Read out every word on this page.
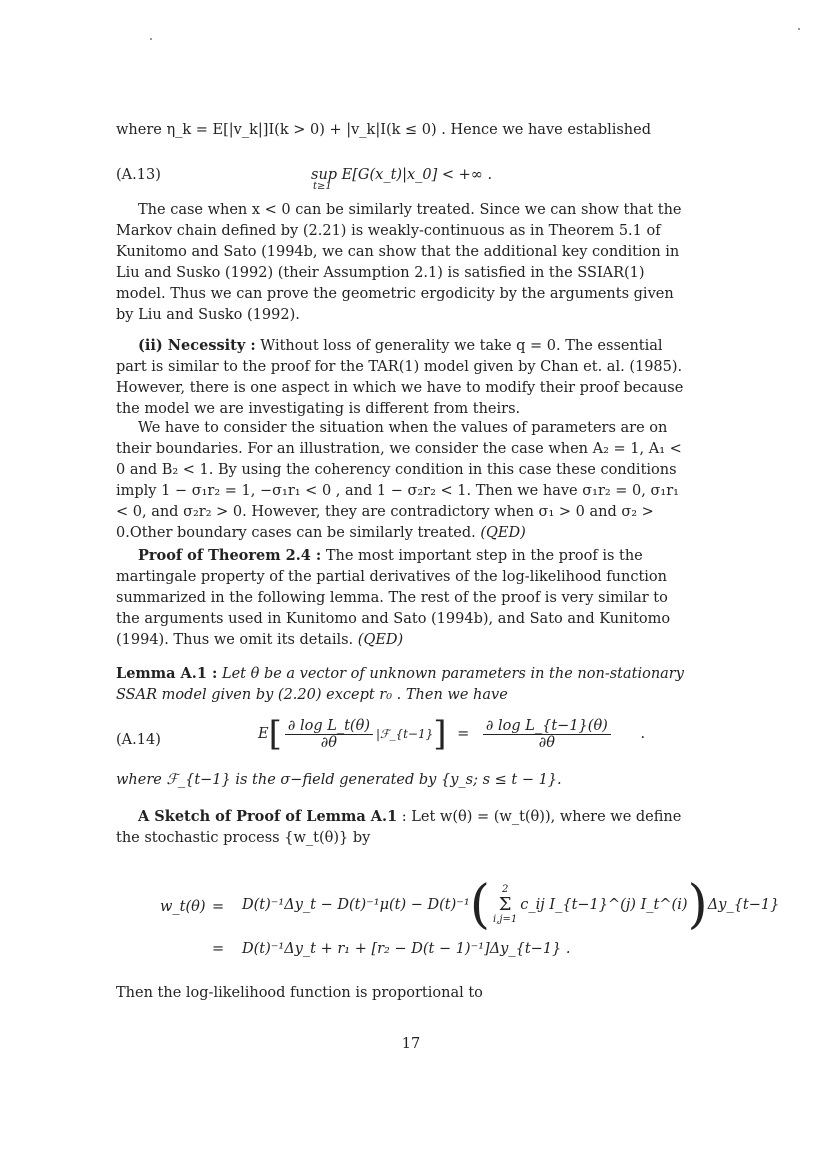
where η_k = E[|v_k|]I(k > 0) + |v_k|I(k ≤ 0) . Hence we have established

(A.13)	sup E[G(x_t)|x_0] < +∞ .
t≥1

The case when x < 0 can be similarly treated. Since we can show that the Markov chain defined by (2.21) is weakly-continuous as in Theorem 5.1 of Kunitomo and Sato (1994b, we can show that the additional key condition in Liu and Susko (1992) (their Assumption 2.1) is satisfied in the SSIAR(1) model. Thus we can prove the geometric ergodicity by the arguments given by Liu and Susko (1992).

(ii) Necessity : Without loss of generality we take q = 0. The essential part is similar to the proof for the TAR(1) model given by Chan et. al. (1985). However, there is one aspect in which we have to modify their proof because the model we are investigating is different from theirs.

We have to consider the situation when the values of parameters are on their boundaries. For an illustration, we consider the case when A₂ = 1, A₁ < 0 and B₂ < 1. By using the coherency condition in this case these conditions imply 1 − σ₁r₂ = 1, −σ₁r₁ < 0 , and 1 − σ₂r₂ < 1. Then we have σ₁r₂ = 0, σ₁r₁ < 0, and σ₂r₂ > 0. However, they are contradictory when σ₁ > 0 and σ₂ > 0.Other boundary cases can be similarly treated. (QED)

Proof of Theorem 2.4 : The most important step in the proof is the martingale property of the partial derivatives of the log-likelihood function summarized in the following lemma. The rest of the proof is very similar to the arguments used in Kunitomo and Sato (1994b), and Sato and Kunitomo (1994). Thus we omit its details. (QED)

Lemma A.1 : Let θ be a vector of unknown parameters in the non-stationary SSAR model given by (2.20) except r₀ . Then we have

(A.14)	$E[ \frac{\text{∂ log L\_t(θ)}}{\partial\theta}$ |ℱ_{t−1}] = $\frac{\text{∂ log L\_\{t−1\}(θ)}}{\partial\theta}$ .

where ℱ_{t−1} is the σ−field generated by {y_s; s ≤ t − 1}.

A Sketch of Proof of Lemma A.1 : Let w(θ) = (w_t(θ)), where we define the stochastic process {w_t(θ)} by

w_t(θ) = D(t)⁻¹Δy_t − D(t)⁻¹μ(t) − D(t)⁻¹(	2
Σ
i,j=1
c_ij I_{t−1}^(j) I_t^(i))Δy_{t−1}
= D(t)⁻¹Δy_t + r₁ + [r₂ − D(t − 1)⁻¹]Δy_{t−1} .

Then the log-likelihood function is proportional to

17
